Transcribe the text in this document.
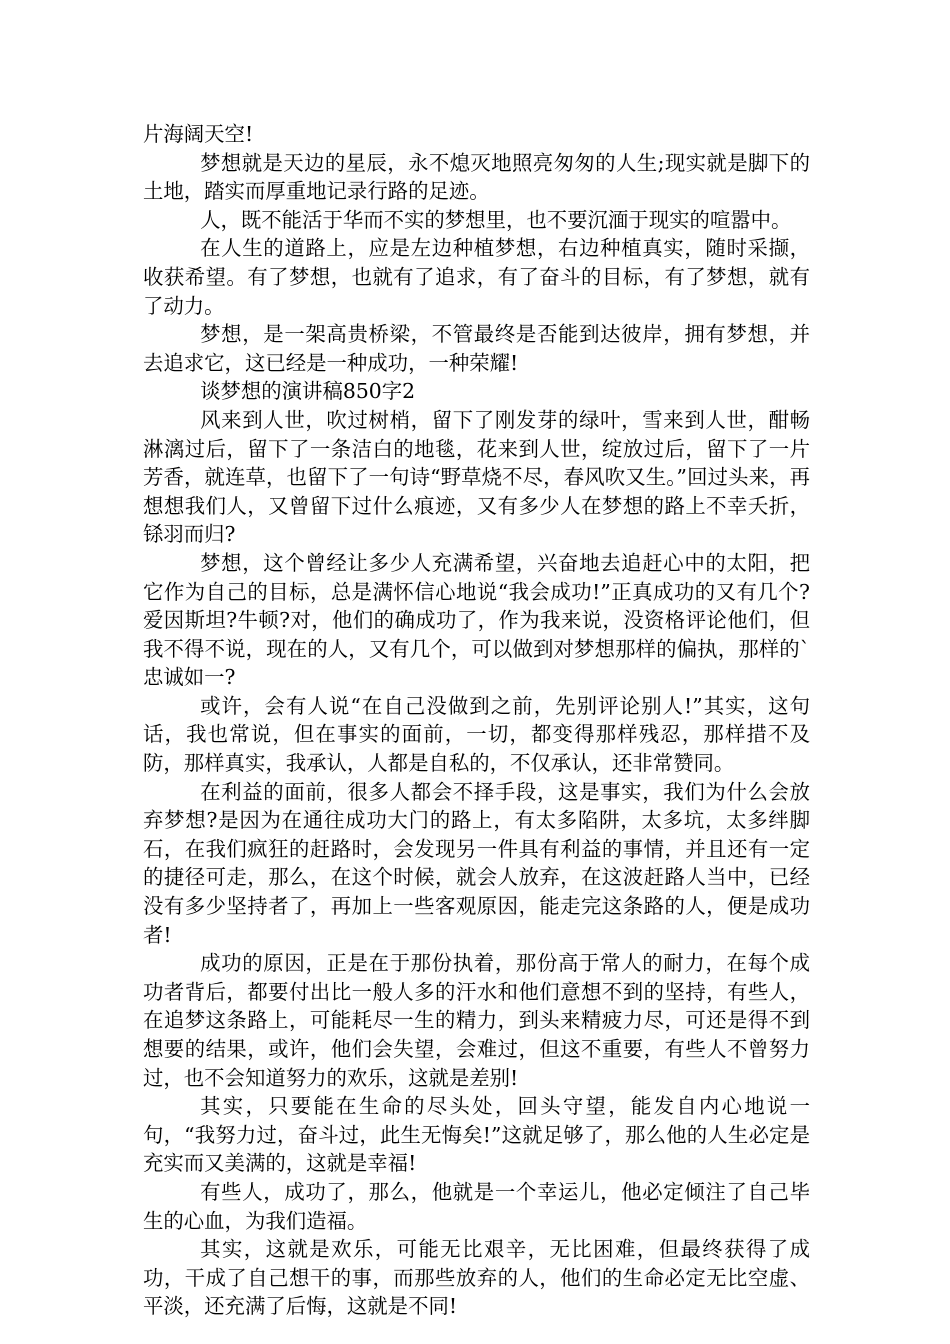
片海阔天空!

梦想就是天边的星辰，永不熄灭地照亮匆匆的人生;现实就是脚下的土地，踏实而厚重地记录行路的足迹。

人，既不能活于华而不实的梦想里，也不要沉湎于现实的喧嚣中。

在人生的道路上，应是左边种植梦想，右边种植真实，随时采撷，收获希望。有了梦想，也就有了追求，有了奋斗的目标，有了梦想，就有了动力。

梦想，是一架高贵桥梁，不管最终是否能到达彼岸，拥有梦想，并去追求它，这已经是一种成功，一种荣耀!

谈梦想的演讲稿850字2

风来到人世，吹过树梢，留下了刚发芽的绿叶，雪来到人世，酣畅淋漓过后，留下了一条洁白的地毯，花来到人世，绽放过后，留下了一片芳香，就连草，也留下了一句诗“野草烧不尽，春风吹又生。”回过头来，再想想我们人，又曾留下过什么痕迹，又有多少人在梦想的路上不幸夭折，铩羽而归?

梦想，这个曾经让多少人充满希望，兴奋地去追赶心中的太阳，把它作为自己的目标，总是满怀信心地说“我会成功!”正真成功的又有几个?爱因斯坦?牛顿?对，他们的确成功了，作为我来说，没资格评论他们，但我不得不说，现在的人，又有几个，可以做到对梦想那样的偏执，那样的`忠诚如一?

或许，会有人说“在自己没做到之前，先别评论别人!”其实，这句话，我也常说，但在事实的面前，一切，都变得那样残忍，那样措不及防，那样真实，我承认，人都是自私的，不仅承认，还非常赞同。

在利益的面前，很多人都会不择手段，这是事实，我们为什么会放弃梦想?是因为在通往成功大门的路上，有太多陷阱，太多坑，太多绊脚石，在我们疯狂的赶路时，会发现另一件具有利益的事情，并且还有一定的捷径可走，那么，在这个时候，就会人放弃，在这波赶路人当中，已经没有多少坚持者了，再加上一些客观原因，能走完这条路的人，便是成功者!

成功的原因，正是在于那份执着，那份高于常人的耐力，在每个成功者背后，都要付出比一般人多的汗水和他们意想不到的坚持，有些人，在追梦这条路上，可能耗尽一生的精力，到头来精疲力尽，可还是得不到想要的结果，或许，他们会失望，会难过，但这不重要，有些人不曾努力过，也不会知道努力的欢乐，这就是差别!

其实，只要能在生命的尽头处，回头守望，能发自内心地说一句，“我努力过，奋斗过，此生无悔矣!”这就足够了，那么他的人生必定是充实而又美满的，这就是幸福!

有些人，成功了，那么，他就是一个幸运儿，他必定倾注了自己毕生的心血，为我们造福。

其实，这就是欢乐，可能无比艰辛，无比困难，但最终获得了成功，干成了自己想干的事，而那些放弃的人，他们的生命必定无比空虚、平淡，还充满了后悔，这就是不同!
